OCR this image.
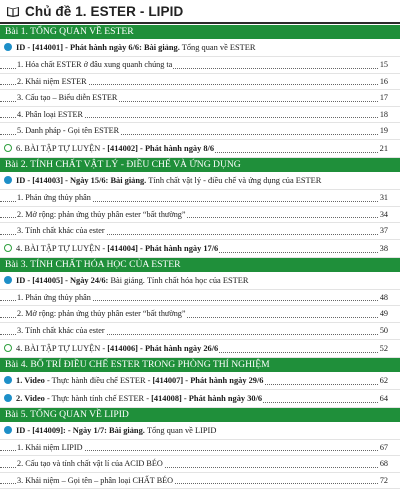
Chủ đề 1. ESTER - LIPID
Bài 1. TỔNG QUAN VỀ ESTER
ID - [414001] - Phát hành ngày 6/6: Bài giảng. Tổng quan về ESTER
1. Hóa chất ESTER ở đâu xung quanh chúng ta	15
2. Khái niệm ESTER	16
3. Cấu tạo – Biểu diễn ESTER	17
4. Phân loại ESTER	18
5. Danh pháp - Gọi tên ESTER	19
6. BÀI TẬP TỰ LUYỆN - [414002] - Phát hành ngày 8/6	21
Bài 2. TÍNH CHẤT VẬT LÝ - ĐIỀU CHẾ VÀ ỨNG DỤNG
ID - [414003] - Ngày 15/6: Bài giảng. Tính chất vật lý - điều chế và ứng dụng của ESTER
1. Phản ứng thủy phân	31
2. Mở rộng: phản ứng thủy phân ester “bất thường”	34
3. Tính chất khác của ester	37
4. BÀI TẬP TỰ LUYỆN - [414004] - Phát hành ngày 17/6	38
Bài 3. TÍNH CHẤT HÓA HỌC CỦA ESTER
ID - [414005] - Ngày 24/6: Bài giảng. Tính chất hóa học của ESTER
1. Phản ứng thủy phân	48
2. Mở rộng: phản ứng thủy phân ester “bất thường”	49
3. Tính chất khác của ester	50
4. BÀI TẬP TỰ LUYỆN - [414006] - Phát hành ngày 26/6	52
Bài 4. BỐ TRÍ ĐIỀU CHẾ ESTER TRONG PHÒNG THÍ NGHIỆM
1. Video - Thực hành điều chế ESTER - [414007] - Phát hành ngày 29/6	62
2. Video - Thực hành tính chế ESTER - [414008] - Phát hành ngày 30/6	64
Bài 5. TỔNG QUAN VỀ LIPID
ID - [414009]: - Ngày 1/7: Bài giảng. Tổng quan về LIPID
1. Khái niệm LIPID	67
2. Cấu tạo và tính chất vật lí của ACID BÉO	68
3. Khái niệm – Gọi tên – phân loại CHẤT BÉO	72
